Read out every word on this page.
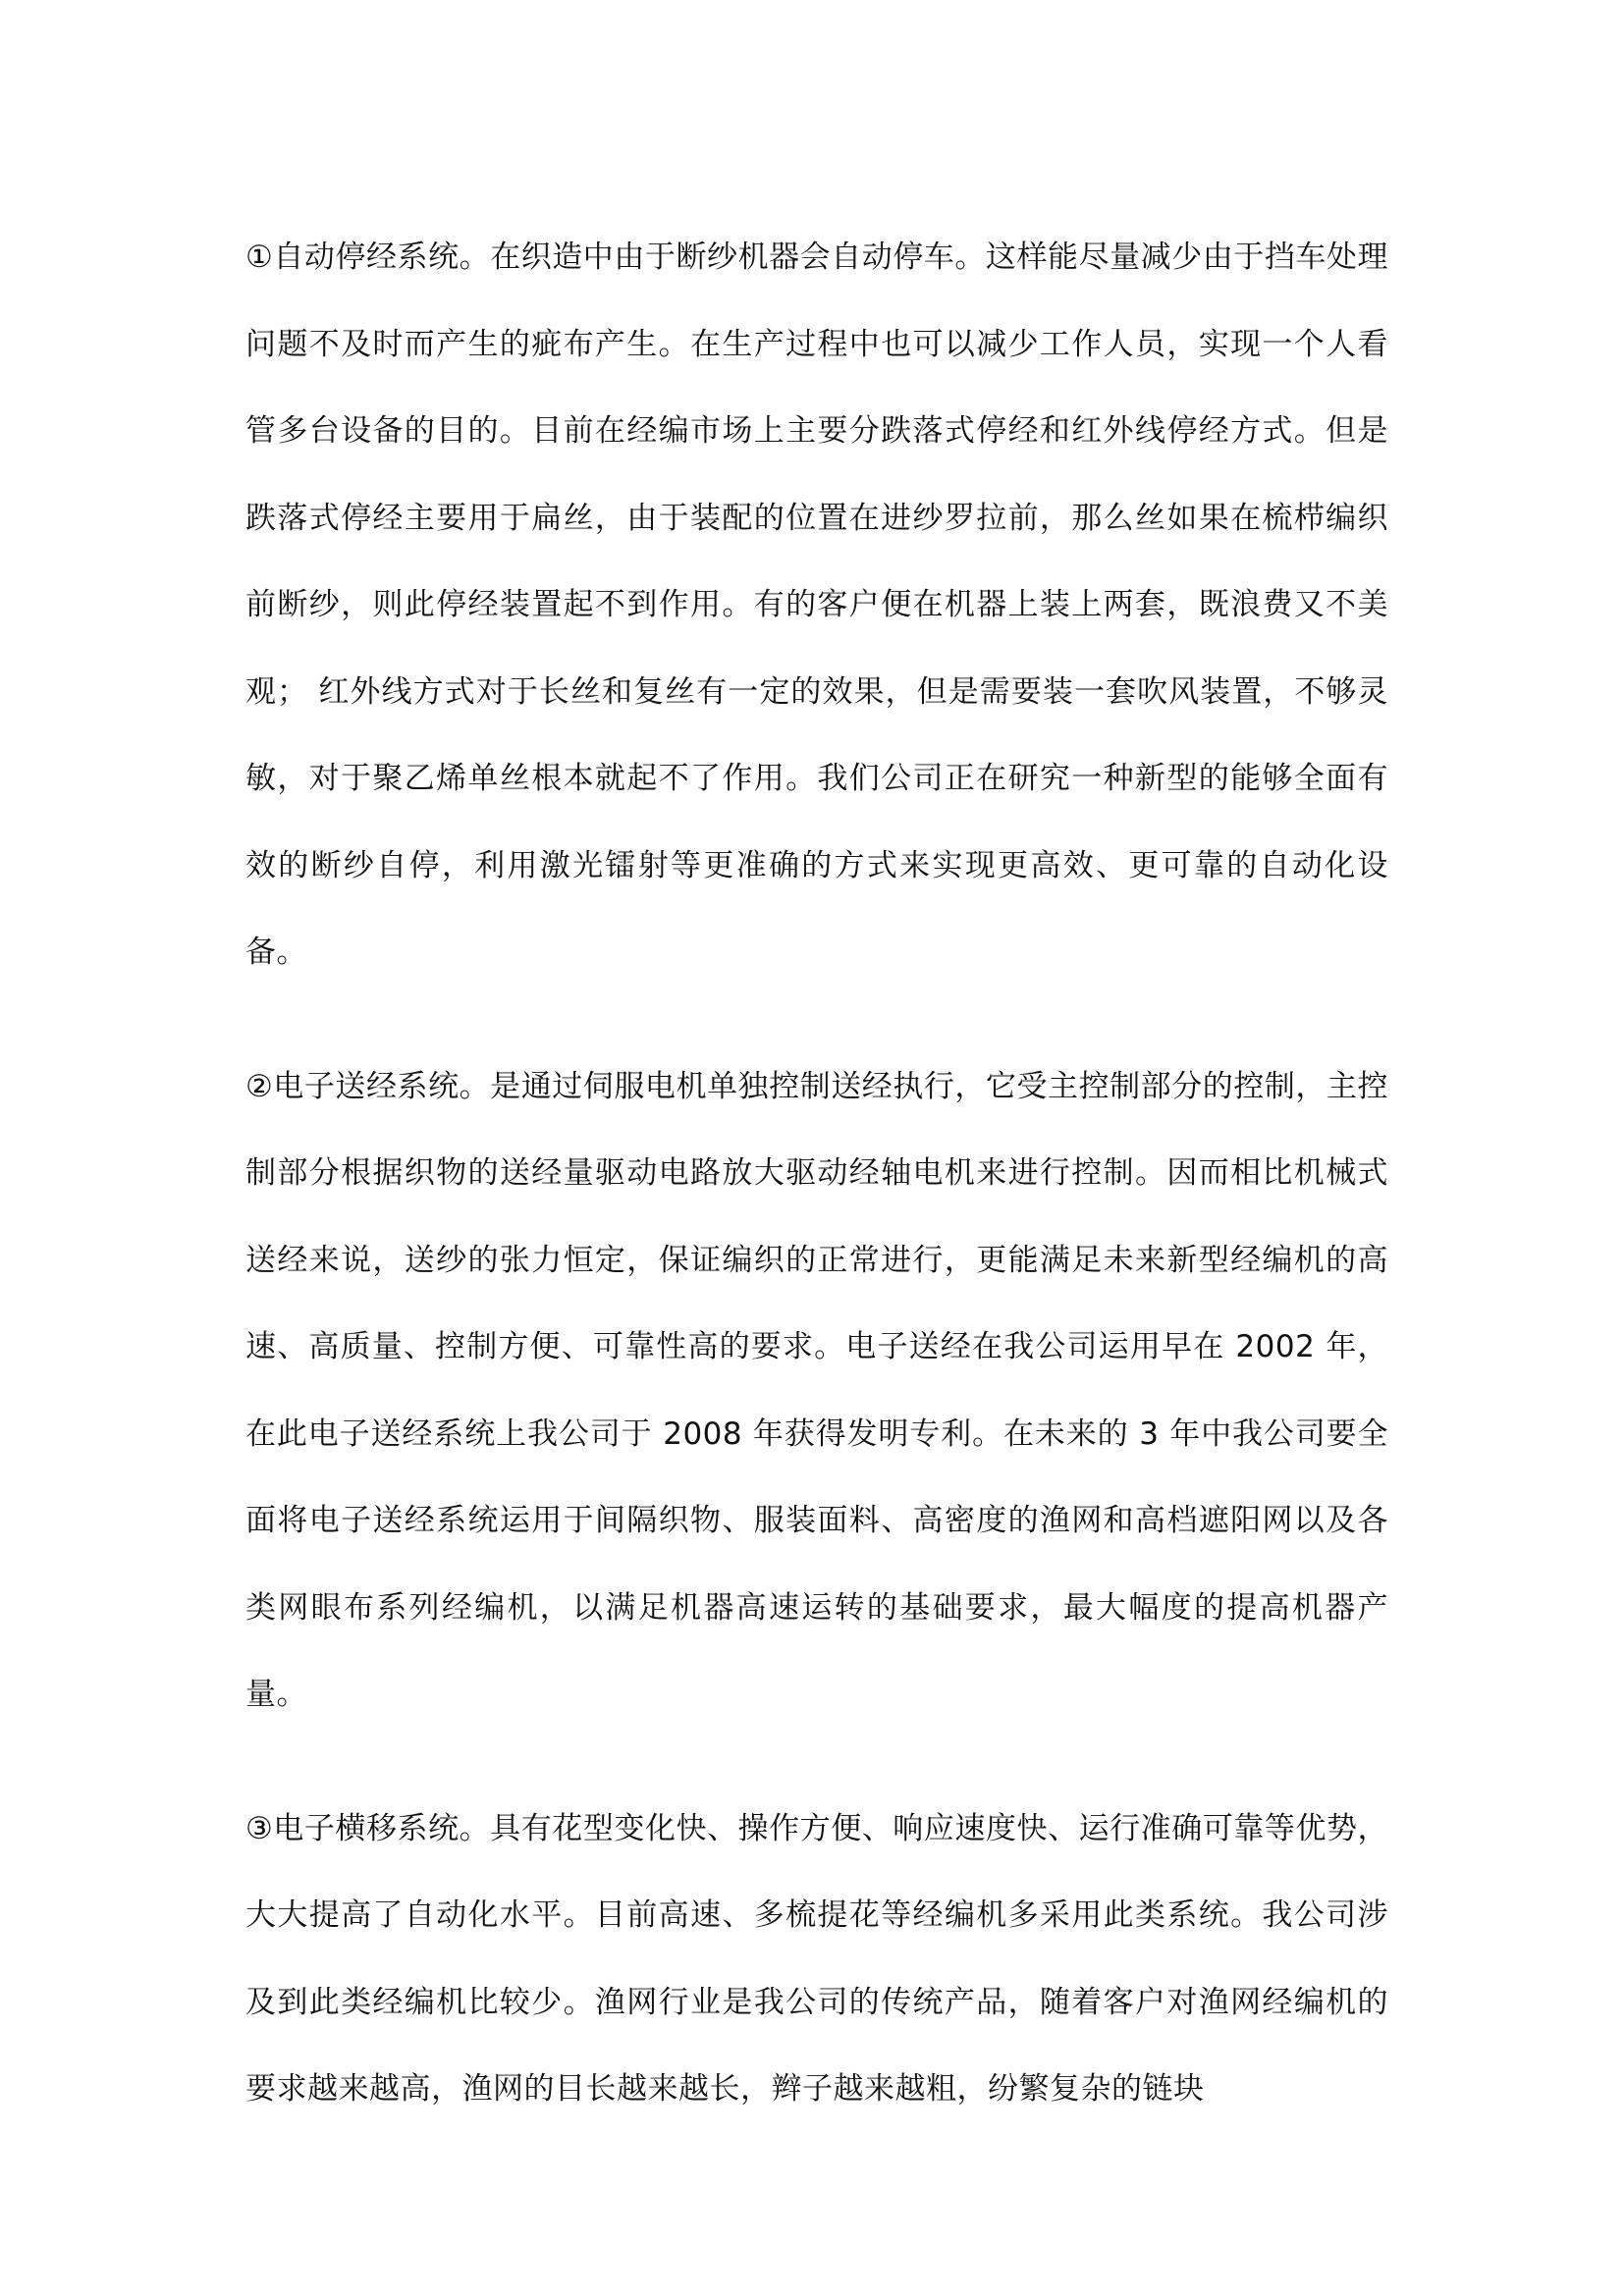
①自动停经系统。在织造中由于断纱机器会自动停车。这样能尽量减少由于挡车处理问题不及时而产生的疵布产生。在生产过程中也可以减少工作人员，实现一个人看管多台设备的目的。目前在经编市场上主要分跌落式停经和红外线停经方式。但是跌落式停经主要用于扁丝，由于装配的位置在进纱罗拉前，那么丝如果在梳栉编织前断纱，则此停经装置起不到作用。有的客户便在机器上装上两套，既浪费又不美观； 红外线方式对于长丝和复丝有一定的效果，但是需要装一套吹风装置，不够灵敏，对于聚乙烯单丝根本就起不了作用。我们公司正在研究一种新型的能够全面有效的断纱自停，利用激光镭射等更准确的方式来实现更高效、更可靠的自动化设备。

②电子送经系统。是通过伺服电机单独控制送经执行，它受主控制部分的控制，主控制部分根据织物的送经量驱动电路放大驱动经轴电机来进行控制。因而相比机械式送经来说，送纱的张力恒定，保证编织的正常进行，更能满足未来新型经编机的高速、高质量、控制方便、可靠性高的要求。电子送经在我公司运用早在 2002 年，在此电子送经系统上我公司于 2008 年获得发明专利。在未来的 3 年中我公司要全面将电子送经系统运用于间隔织物、服装面料、高密度的渔网和高档遮阳网以及各类网眼布系列经编机，以满足机器高速运转的基础要求，最大幅度的提高机器产量。

③电子横移系统。具有花型变化快、操作方便、响应速度快、运行准确可靠等优势，大大提高了自动化水平。目前高速、多梳提花等经编机多采用此类系统。我公司涉及到此类经编机比较少。渔网行业是我公司的传统产品，随着客户对渔网经编机的要求越来越高，渔网的目长越来越长，辫子越来越粗，纷繁复杂的链块
